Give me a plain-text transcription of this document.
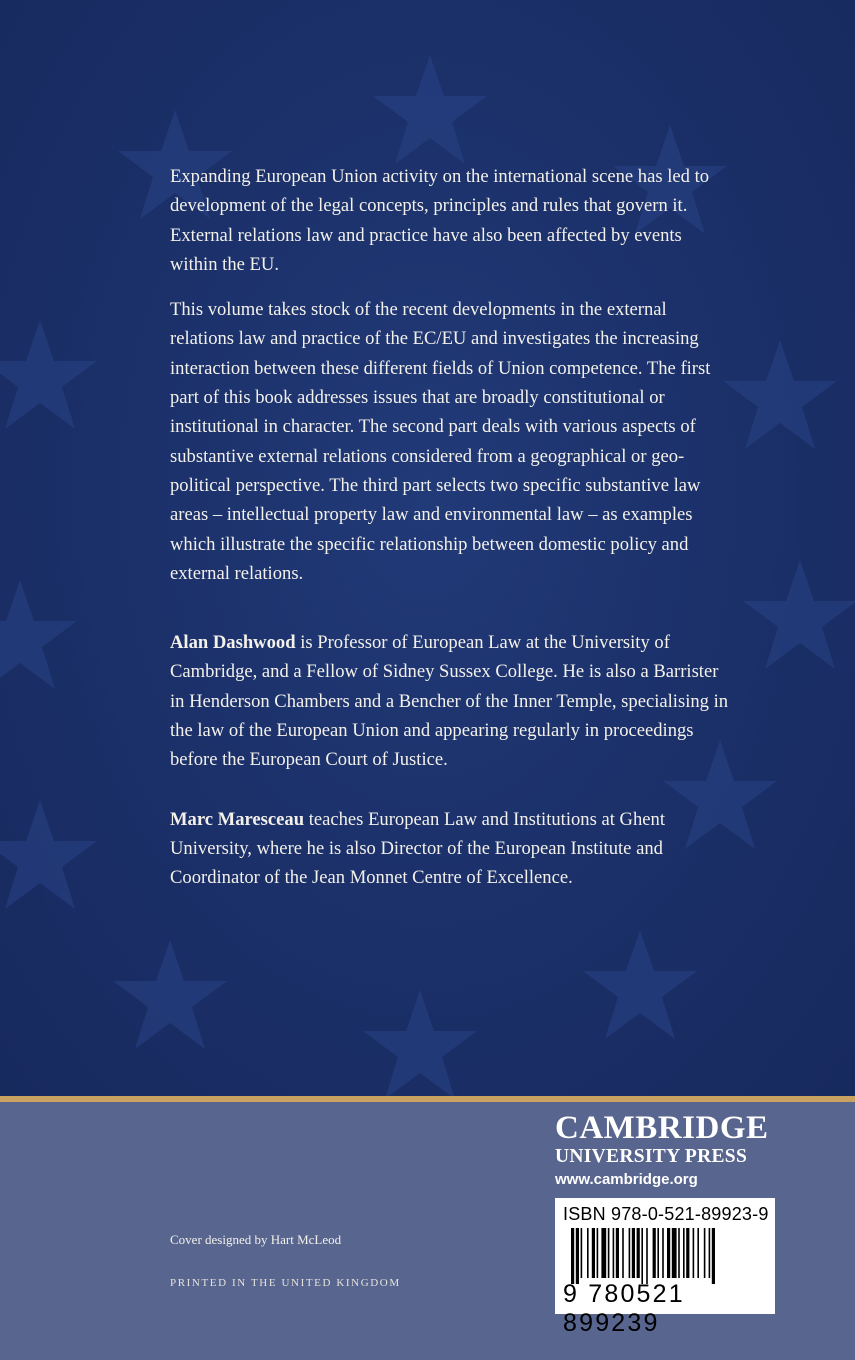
Expanding European Union activity on the international scene has led to development of the legal concepts, principles and rules that govern it. External relations law and practice have also been affected by events within the EU.

This volume takes stock of the recent developments in the external relations law and practice of the EC/EU and investigates the increasing interaction between these different fields of Union competence. The first part of this book addresses issues that are broadly constitutional or institutional in character. The second part deals with various aspects of substantive external relations considered from a geographical or geo-political perspective. The third part selects two specific substantive law areas – intellectual property law and environmental law – as examples which illustrate the specific relationship between domestic policy and external relations.

Alan Dashwood is Professor of European Law at the University of Cambridge, and a Fellow of Sidney Sussex College. He is also a Barrister in Henderson Chambers and a Bencher of the Inner Temple, specialising in the law of the European Union and appearing regularly in proceedings before the European Court of Justice.

Marc Maresceau teaches European Law and Institutions at Ghent University, where he is also Director of the European Institute and Coordinator of the Jean Monnet Centre of Excellence.

CAMBRIDGE
UNIVERSITY PRESS
www.cambridge.org
ISBN 978-0-521-89923-9
9 780521 899239
Cover designed by Hart McLeod
PRINTED IN THE UNITED KINGDOM
